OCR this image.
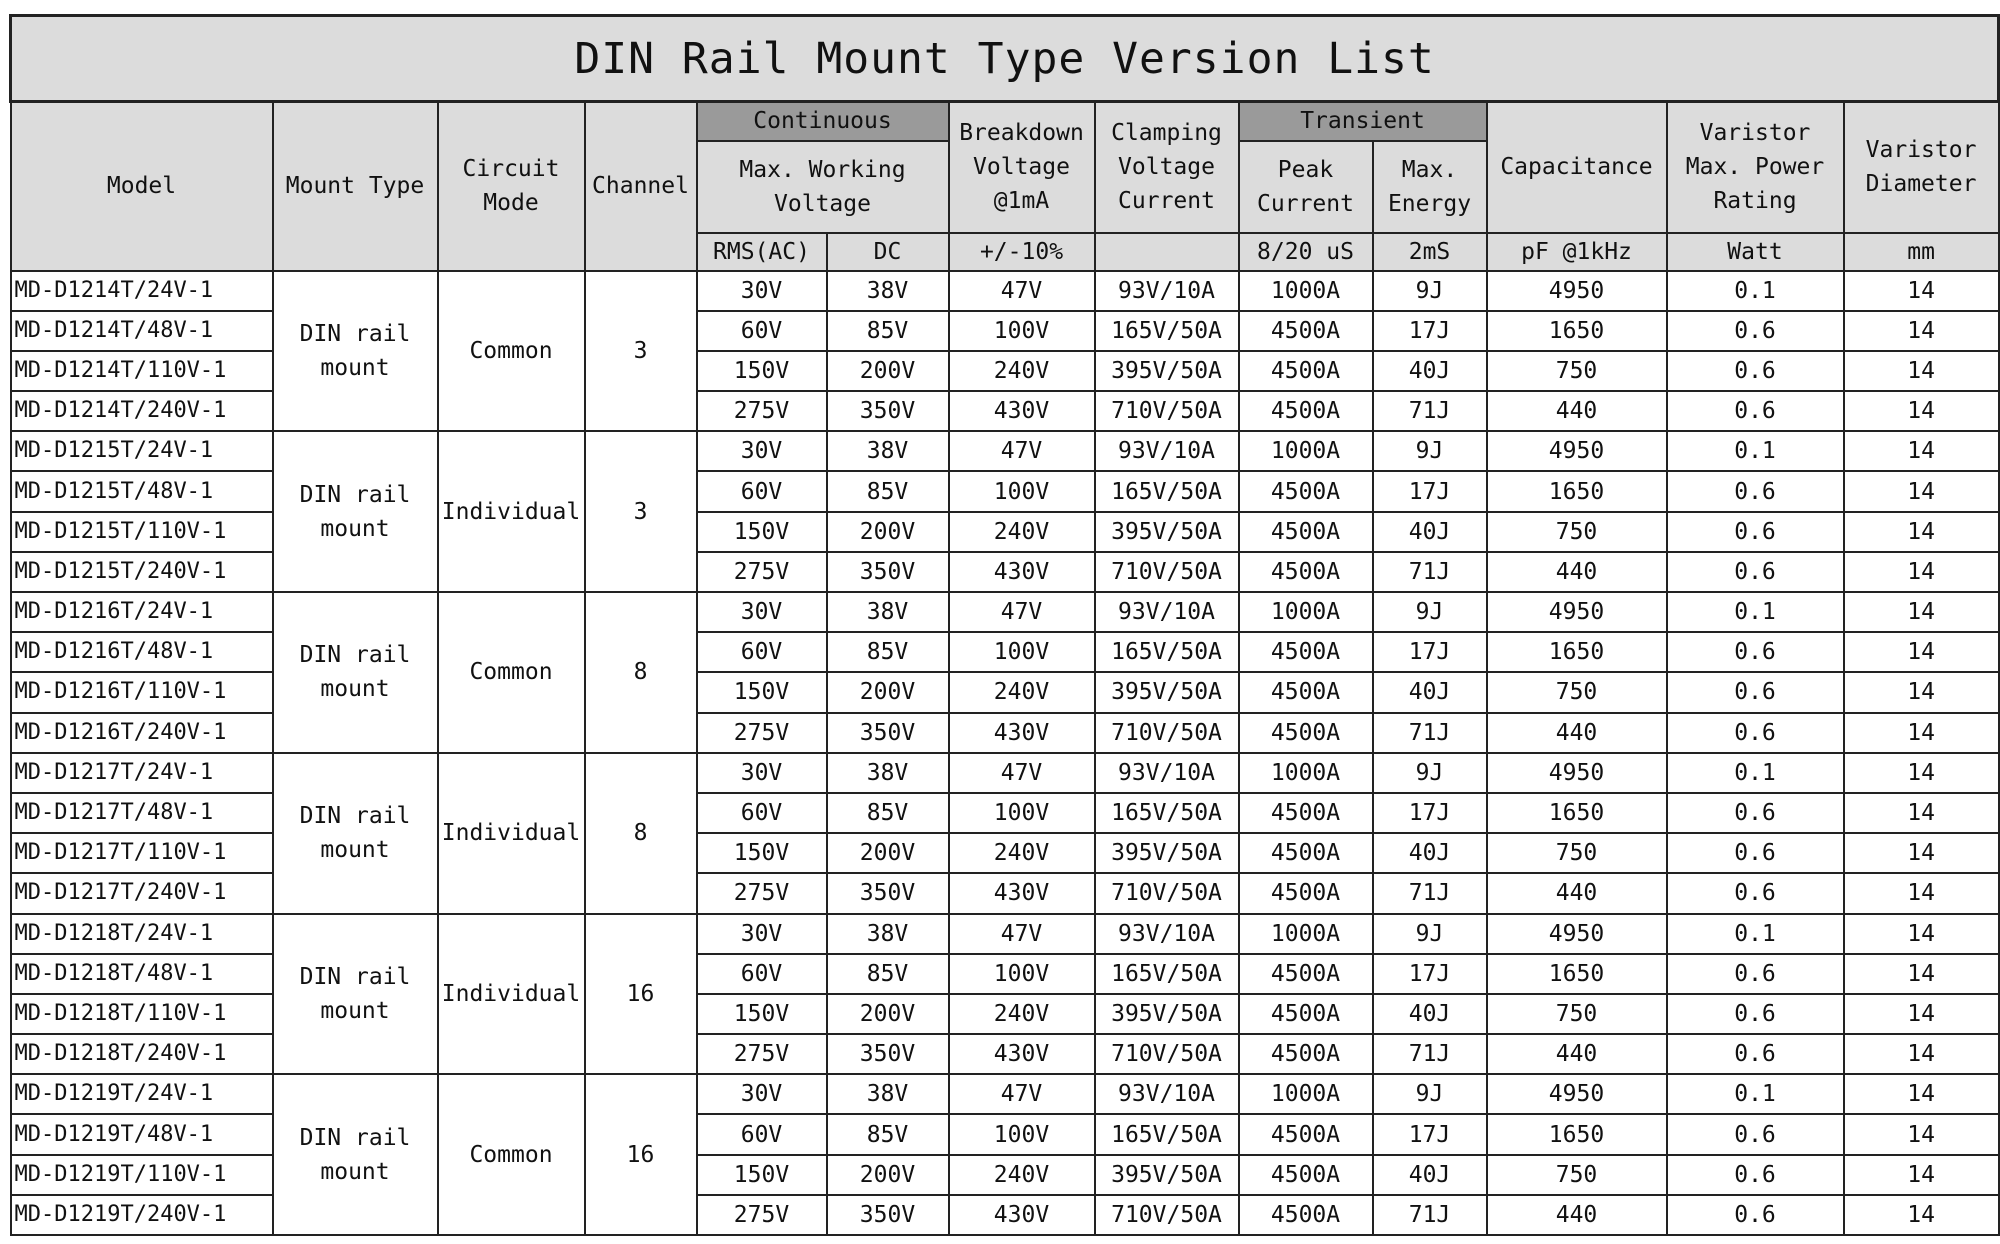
DIN Rail Mount Type Version List												
Model	Mount Type	Circuit Mode	Channel	Continuous		Breakdown Voltage @1mA	Clamping Voltage Current	Transient		Capacitance	Varistor Max. Power Rating	Varistor Diameter
				Max. Working Voltage				Peak Current	Max. Energy			
				RMS(AC)	DC	+/-10%		8/20 uS	2mS	pF @1kHz	Watt	mm
MD-D1214T/24V-1	DIN rail mount	Common	3	30V	38V	47V	93V/10A	1000A	9J	4950	0.1	14
MD-D1214T/48V-1				60V	85V	100V	165V/50A	4500A	17J	1650	0.6	14
MD-D1214T/110V-1				150V	200V	240V	395V/50A	4500A	40J	750	0.6	14
MD-D1214T/240V-1				275V	350V	430V	710V/50A	4500A	71J	440	0.6	14
MD-D1215T/24V-1	DIN rail mount	Individual	3	30V	38V	47V	93V/10A	1000A	9J	4950	0.1	14
MD-D1215T/48V-1				60V	85V	100V	165V/50A	4500A	17J	1650	0.6	14
MD-D1215T/110V-1				150V	200V	240V	395V/50A	4500A	40J	750	0.6	14
MD-D1215T/240V-1				275V	350V	430V	710V/50A	4500A	71J	440	0.6	14
MD-D1216T/24V-1	DIN rail mount	Common	8	30V	38V	47V	93V/10A	1000A	9J	4950	0.1	14
MD-D1216T/48V-1				60V	85V	100V	165V/50A	4500A	17J	1650	0.6	14
MD-D1216T/110V-1				150V	200V	240V	395V/50A	4500A	40J	750	0.6	14
MD-D1216T/240V-1				275V	350V	430V	710V/50A	4500A	71J	440	0.6	14
MD-D1217T/24V-1	DIN rail mount	Individual	8	30V	38V	47V	93V/10A	1000A	9J	4950	0.1	14
MD-D1217T/48V-1				60V	85V	100V	165V/50A	4500A	17J	1650	0.6	14
MD-D1217T/110V-1				150V	200V	240V	395V/50A	4500A	40J	750	0.6	14
MD-D1217T/240V-1				275V	350V	430V	710V/50A	4500A	71J	440	0.6	14
MD-D1218T/24V-1	DIN rail mount	Individual	16	30V	38V	47V	93V/10A	1000A	9J	4950	0.1	14
MD-D1218T/48V-1				60V	85V	100V	165V/50A	4500A	17J	1650	0.6	14
MD-D1218T/110V-1				150V	200V	240V	395V/50A	4500A	40J	750	0.6	14
MD-D1218T/240V-1				275V	350V	430V	710V/50A	4500A	71J	440	0.6	14
MD-D1219T/24V-1	DIN rail mount	Common	16	30V	38V	47V	93V/10A	1000A	9J	4950	0.1	14
MD-D1219T/48V-1				60V	85V	100V	165V/50A	4500A	17J	1650	0.6	14
MD-D1219T/110V-1				150V	200V	240V	395V/50A	4500A	40J	750	0.6	14
MD-D1219T/240V-1				275V	350V	430V	710V/50A	4500A	71J	440	0.6	14
